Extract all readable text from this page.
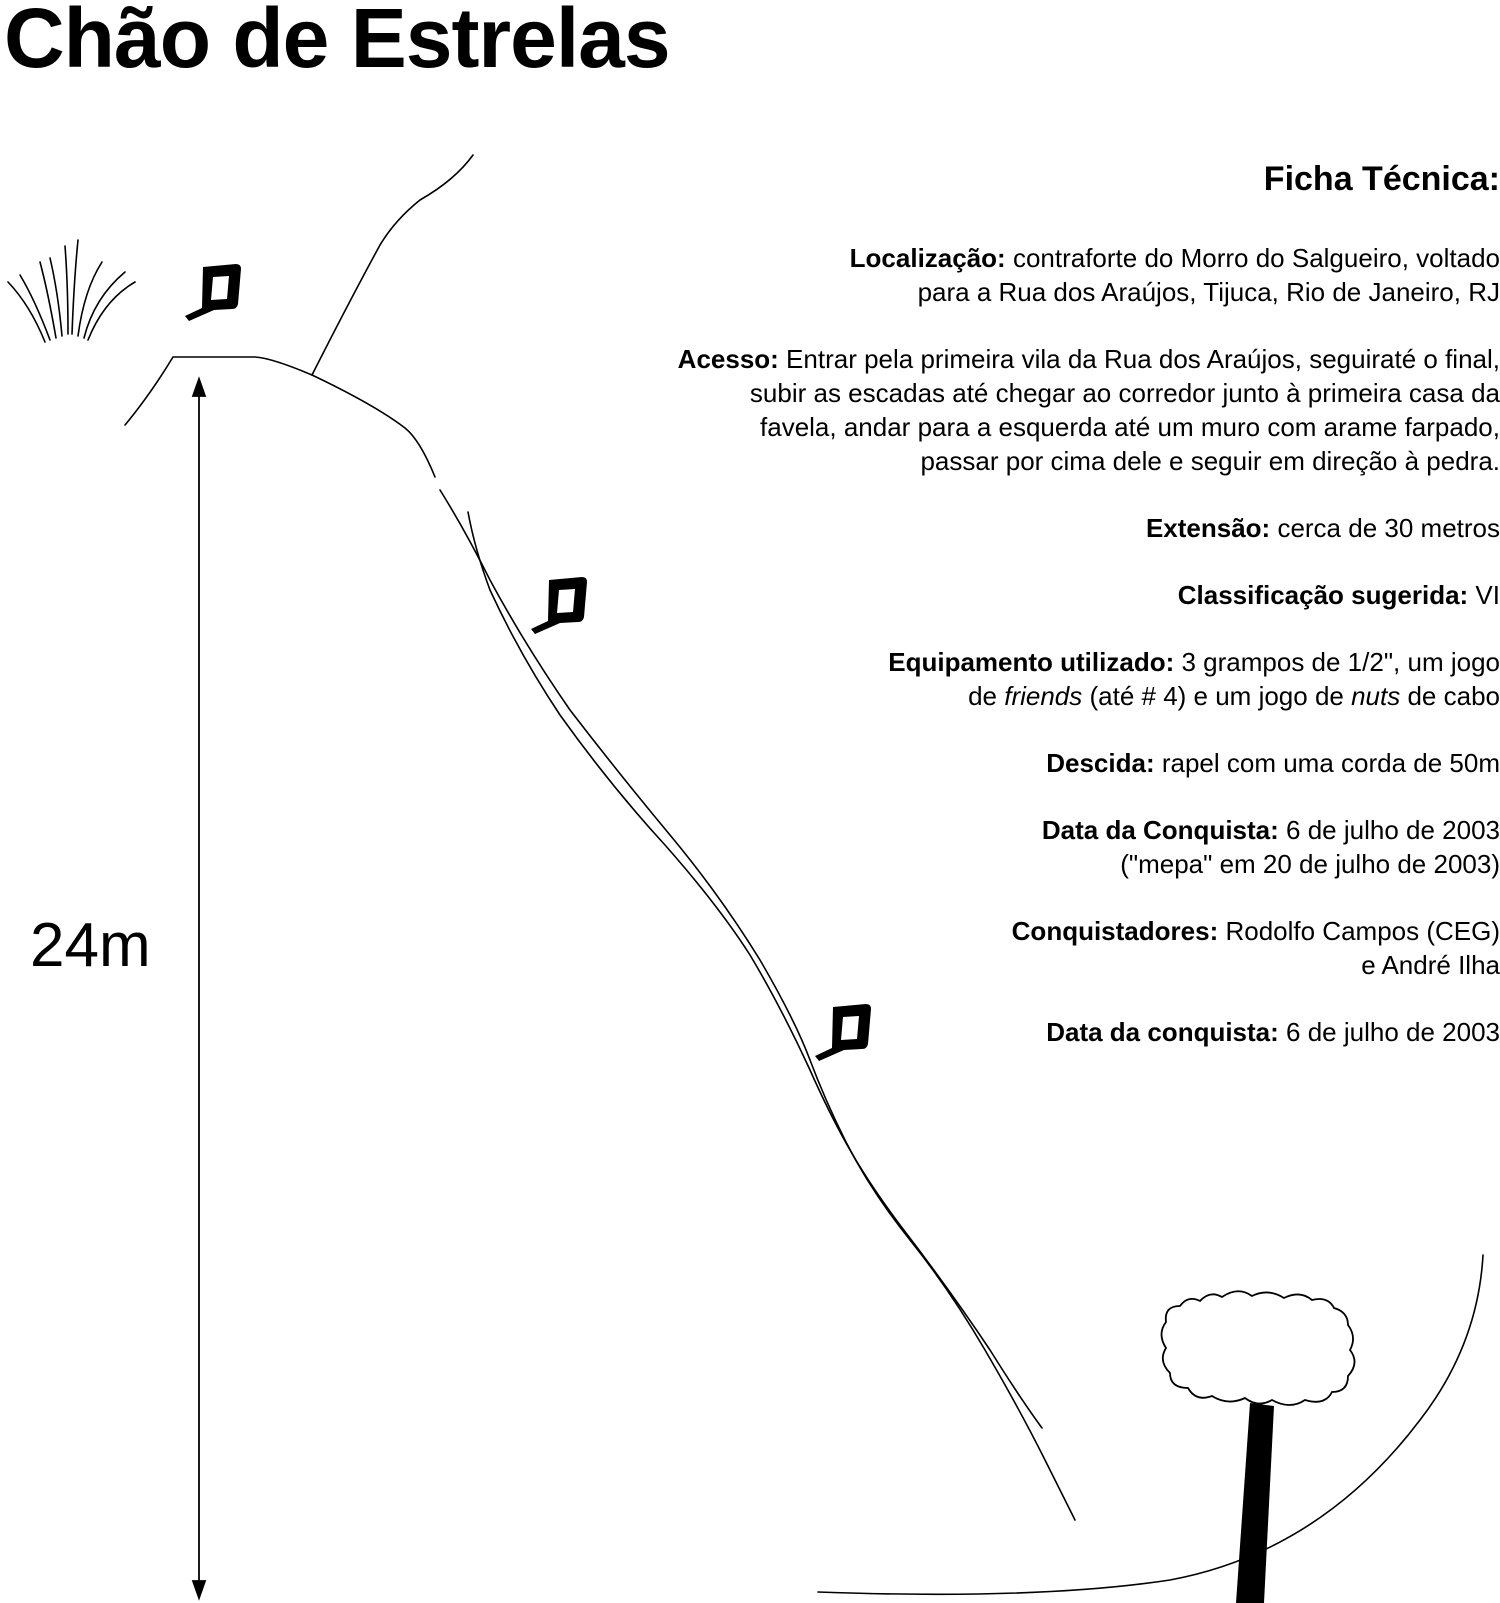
Chão de Estrelas
24m
Ficha Técnica:
Localização: contraforte do Morro do Salgueiro, voltado
para a Rua dos Araújos, Tijuca, Rio de Janeiro, RJ
Acesso: Entrar pela primeira vila da Rua dos Araújos, seguiraté o final,
subir as escadas até chegar ao corredor junto à primeira casa da
favela, andar para a esquerda até um muro com arame farpado,
passar por cima dele e seguir em direção à pedra.
Extensão: cerca de 30 metros
Classificação sugerida: VI
Equipamento utilizado: 3 grampos de 1/2", um jogo
de friends (até # 4) e um jogo de nuts de cabo
Descida: rapel com uma corda de 50m
Data da Conquista: 6 de julho de 2003
("mepa" em 20 de julho de 2003)
Conquistadores: Rodolfo Campos (CEG)
e André Ilha
Data da conquista: 6 de julho de 2003
